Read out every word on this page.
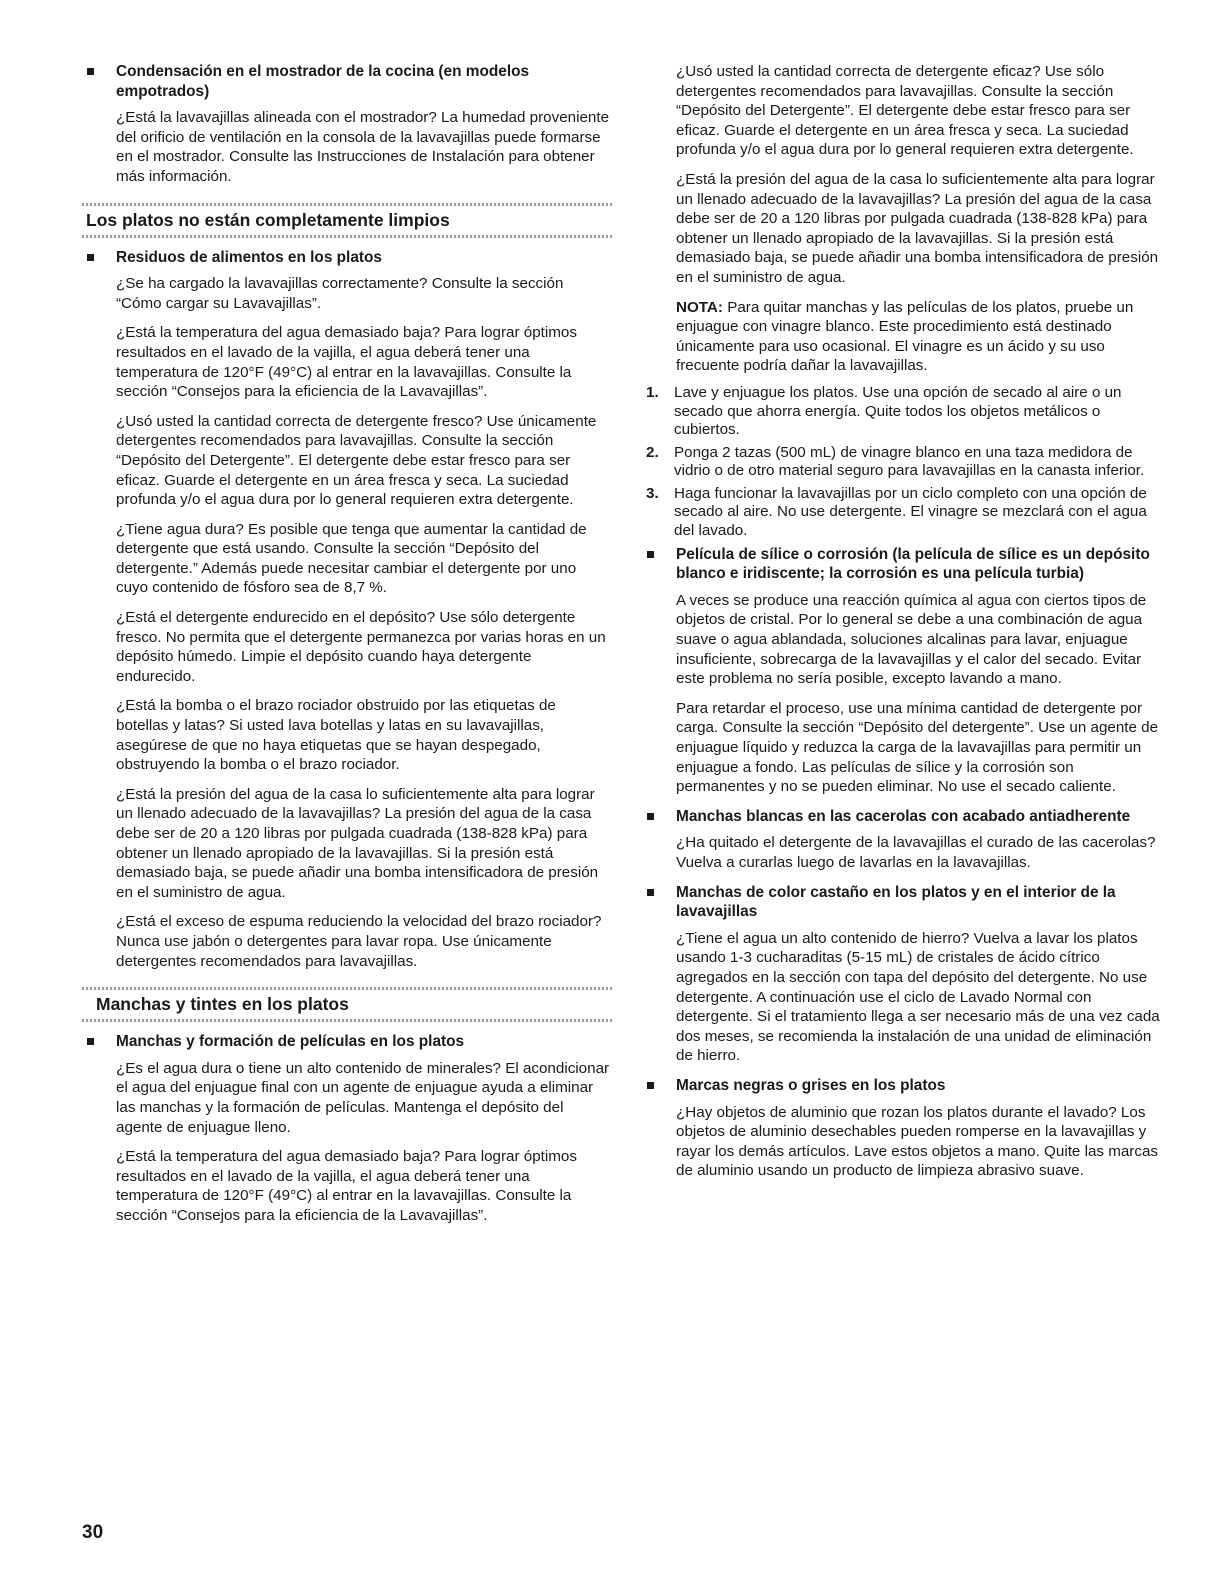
Condensación en el mostrador de la cocina (en modelos empotrados)

¿Está la lavavajillas alineada con el mostrador? La humedad proveniente del orificio de ventilación en la consola de la lavavajillas puede formarse en el mostrador. Consulte las Instrucciones de Instalación para obtener más información.

Los platos no están completamente limpios
Residuos de alimentos en los platos

¿Se ha cargado la lavavajillas correctamente? Consulte la sección “Cómo cargar su Lavavajillas”.

¿Está la temperatura del agua demasiado baja? Para lograr óptimos resultados en el lavado de la vajilla, el agua deberá tener una temperatura de 120°F (49°C) al entrar en la lavavajillas. Consulte la sección “Consejos para la eficiencia de la Lavavajillas”.

¿Usó usted la cantidad correcta de detergente fresco? Use únicamente detergentes recomendados para lavavajillas. Consulte la sección “Depósito del Detergente”. El detergente debe estar fresco para ser eficaz. Guarde el detergente en un área fresca y seca. La suciedad profunda y/o el agua dura por lo general requieren extra detergente.

¿Tiene agua dura? Es posible que tenga que aumentar la cantidad de detergente que está usando. Consulte la sección “Depósito del detergente.” Además puede necesitar cambiar el detergente por uno cuyo contenido de fósforo sea de 8,7 %.

¿Está el detergente endurecido en el depósito? Use sólo detergente fresco. No permita que el detergente permanezca por varias horas en un depósito húmedo. Limpie el depósito cuando haya detergente endurecido.

¿Está la bomba o el brazo rociador obstruido por las etiquetas de botellas y latas? Si usted lava botellas y latas en su lavavajillas, asegúrese de que no haya etiquetas que se hayan despegado, obstruyendo la bomba o el brazo rociador.

¿Está la presión del agua de la casa lo suficientemente alta para lograr un llenado adecuado de la lavavajillas? La presión del agua de la casa debe ser de 20 a 120 libras por pulgada cuadrada (138-828 kPa) para obtener un llenado apropiado de la lavavajillas. Si la presión está demasiado baja, se puede añadir una bomba intensificadora de presión en el suministro de agua.

¿Está el exceso de espuma reduciendo la velocidad del brazo rociador? Nunca use jabón o detergentes para lavar ropa. Use únicamente detergentes recomendados para lavavajillas.

Manchas y tintes en los platos
Manchas y formación de películas en los platos

¿Es el agua dura o tiene un alto contenido de minerales? El acondicionar el agua del enjuague final con un agente de enjuague ayuda a eliminar las manchas y la formación de películas. Mantenga el depósito del agente de enjuague lleno.

¿Está la temperatura del agua demasiado baja? Para lograr óptimos resultados en el lavado de la vajilla, el agua deberá tener una temperatura de 120°F (49°C) al entrar en la lavavajillas. Consulte la sección “Consejos para la eficiencia de la Lavavajillas”.

¿Usó usted la cantidad correcta de detergente eficaz? Use sólo detergentes recomendados para lavavajillas. Consulte la sección “Depósito del Detergente”. El detergente debe estar fresco para ser eficaz. Guarde el detergente en un área fresca y seca. La suciedad profunda y/o el agua dura por lo general requieren extra detergente.

¿Está la presión del agua de la casa lo suficientemente alta para lograr un llenado adecuado de la lavavajillas? La presión del agua de la casa debe ser de 20 a 120 libras por pulgada cuadrada (138-828 kPa) para obtener un llenado apropiado de la lavavajillas. Si la presión está demasiado baja, se puede añadir una bomba intensificadora de presión en el suministro de agua.

NOTA: Para quitar manchas y las películas de los platos, pruebe un enjuague con vinagre blanco. Este procedimiento está destinado únicamente para uso ocasional. El vinagre es un ácido y su uso frecuente podría dañar la lavavajillas.

1. Lave y enjuague los platos. Use una opción de secado al aire o un secado que ahorra energía. Quite todos los objetos metálicos o cubiertos.
2. Ponga 2 tazas (500 mL) de vinagre blanco en una taza medidora de vidrio o de otro material seguro para lavavajillas en la canasta inferior.
3. Haga funcionar la lavavajillas por un ciclo completo con una opción de secado al aire. No use detergente. El vinagre se mezclará con el agua del lavado.
Película de sílice o corrosión (la película de sílice es un depósito blanco e iridiscente; la corrosión es una película turbia)

A veces se produce una reacción química al agua con ciertos tipos de objetos de cristal. Por lo general se debe a una combinación de agua suave o agua ablandada, soluciones alcalinas para lavar, enjuague insuficiente, sobrecarga de la lavavajillas y el calor del secado. Evitar este problema no sería posible, excepto lavando a mano.

Para retardar el proceso, use una mínima cantidad de detergente por carga. Consulte la sección “Depósito del detergente”. Use un agente de enjuague líquido y reduzca la carga de la lavavajillas para permitir un enjuague a fondo. Las películas de sílice y la corrosión son permanentes y no se pueden eliminar. No use el secado caliente.

Manchas blancas en las cacerolas con acabado antiadherente

¿Ha quitado el detergente de la lavavajillas el curado de las cacerolas? Vuelva a curarlas luego de lavarlas en la lavavajillas.

Manchas de color castaño en los platos y en el interior de la lavavajillas

¿Tiene el agua un alto contenido de hierro? Vuelva a lavar los platos usando 1-3 cucharaditas (5-15 mL) de cristales de ácido cítrico agregados en la sección con tapa del depósito del detergente. No use detergente. A continuación use el ciclo de Lavado Normal con detergente. Si el tratamiento llega a ser necesario más de una vez cada dos meses, se recomienda la instalación de una unidad de eliminación de hierro.

Marcas negras o grises en los platos

¿Hay objetos de aluminio que rozan los platos durante el lavado? Los objetos de aluminio desechables pueden romperse en la lavavajillas y rayar los demás artículos. Lave estos objetos a mano. Quite las marcas de aluminio usando un producto de limpieza abrasivo suave.

30
